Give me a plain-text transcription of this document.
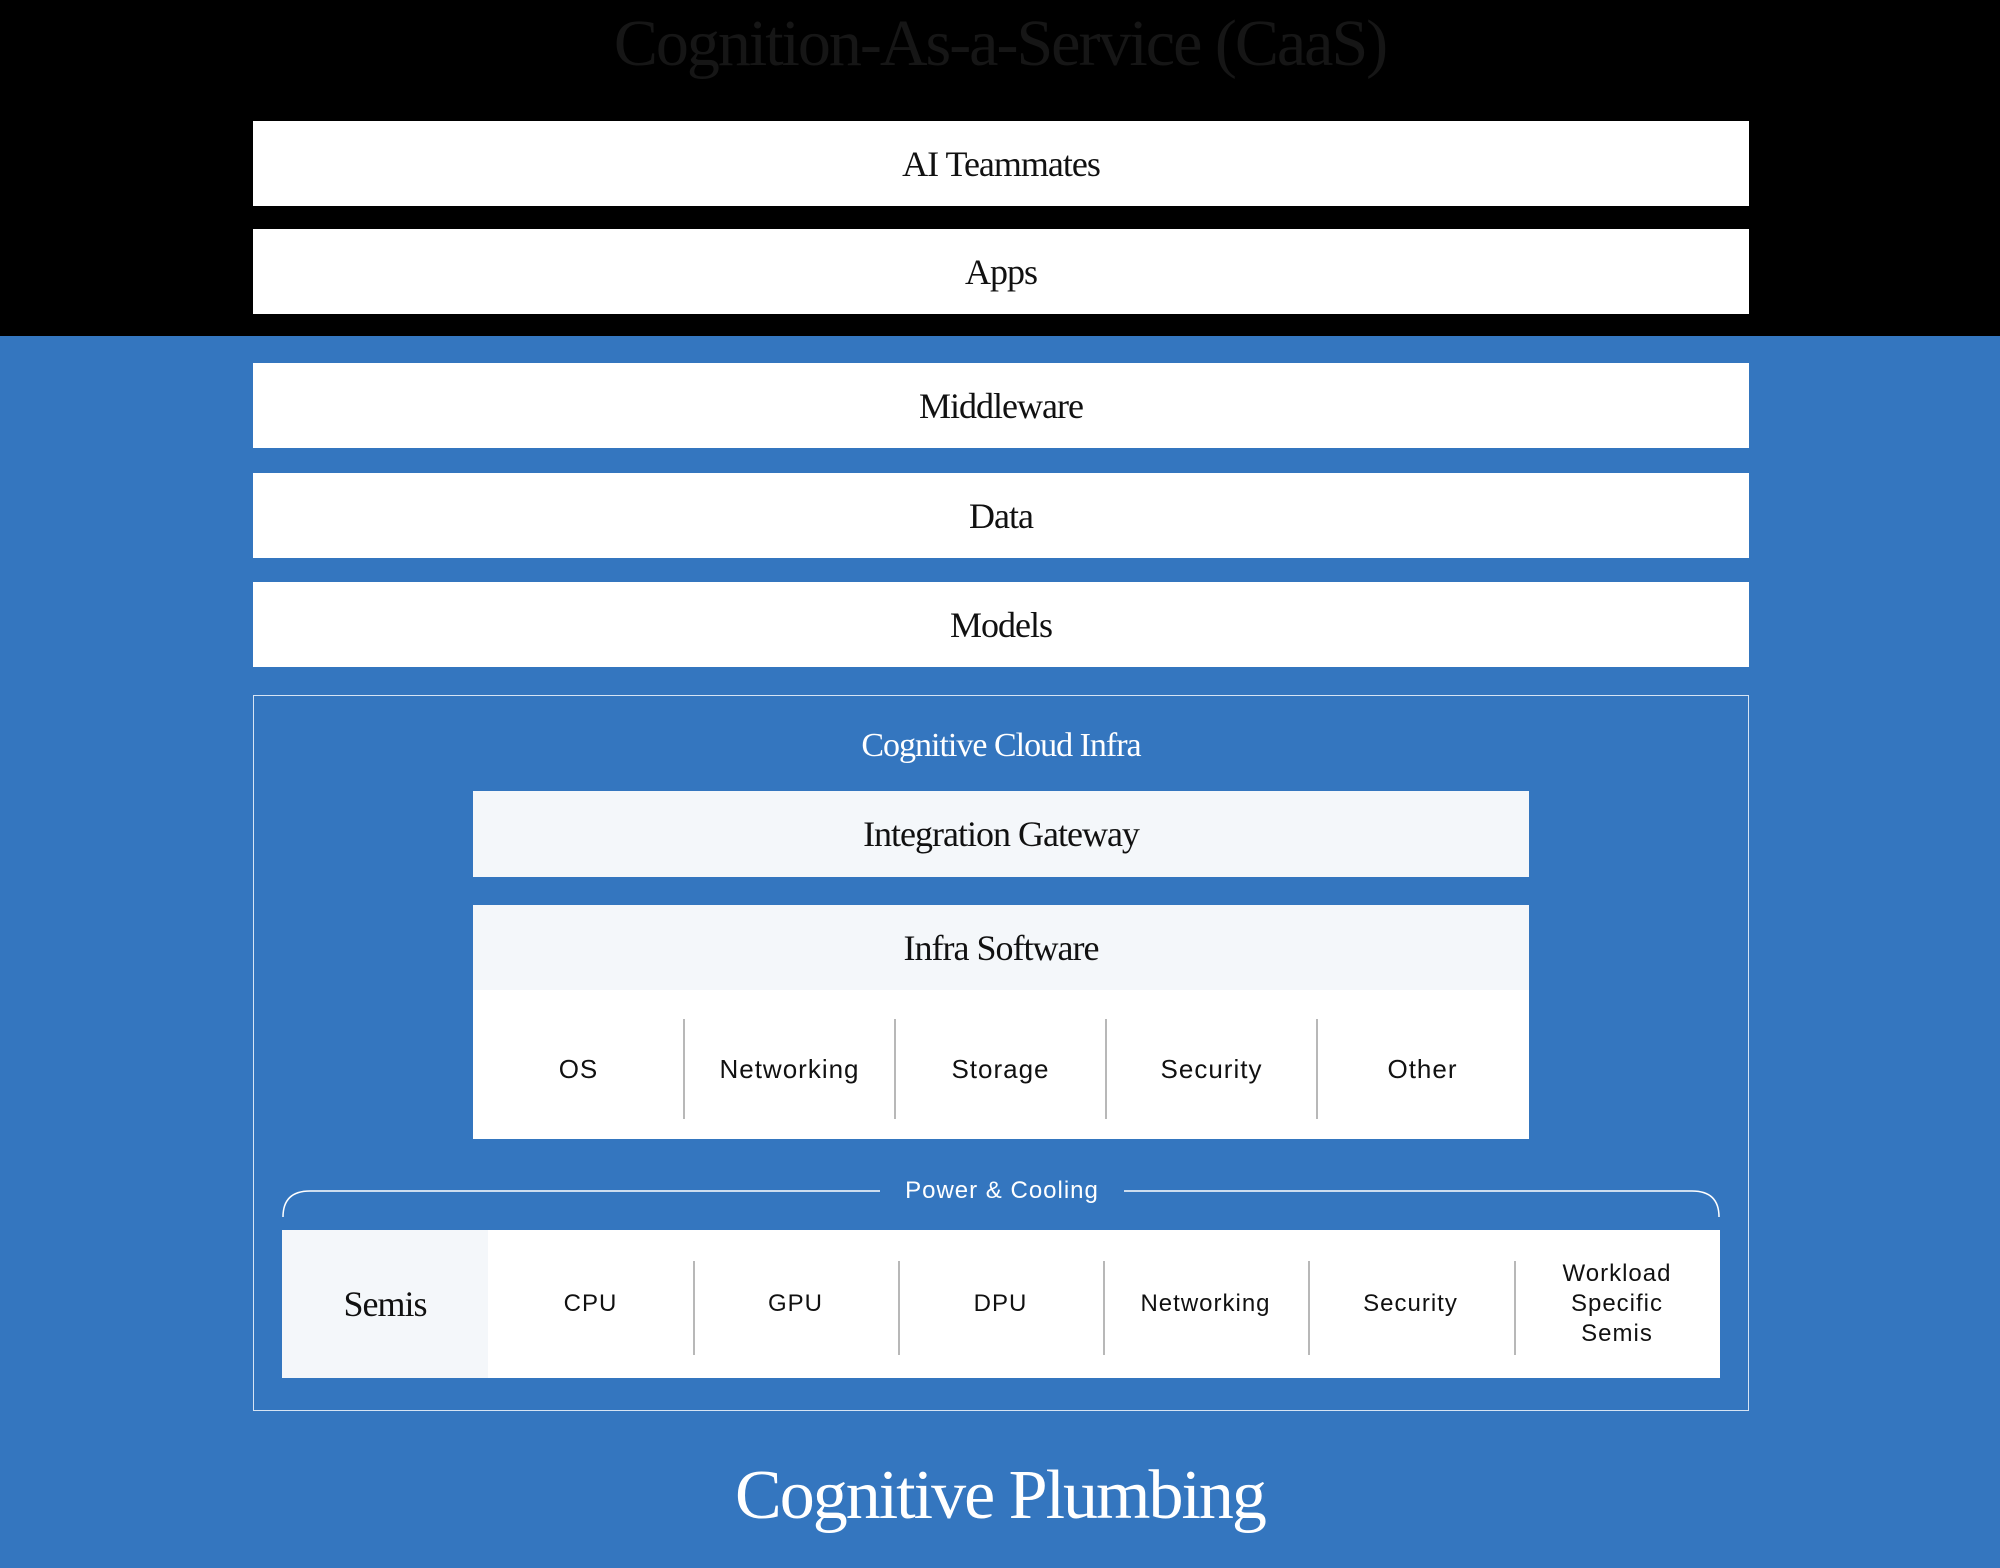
Cognition-As-a-Service (CaaS)
AI Teammates
Apps
Middleware
Data
Models
Cognitive Cloud Infra
Integration Gateway
Infra Software
OS	Networking	Storage	Security	Other
Power & Cooling
Semis	CPU	GPU	DPU	Networking	Security
Workload
Specific
Semis
Cognitive Plumbing
